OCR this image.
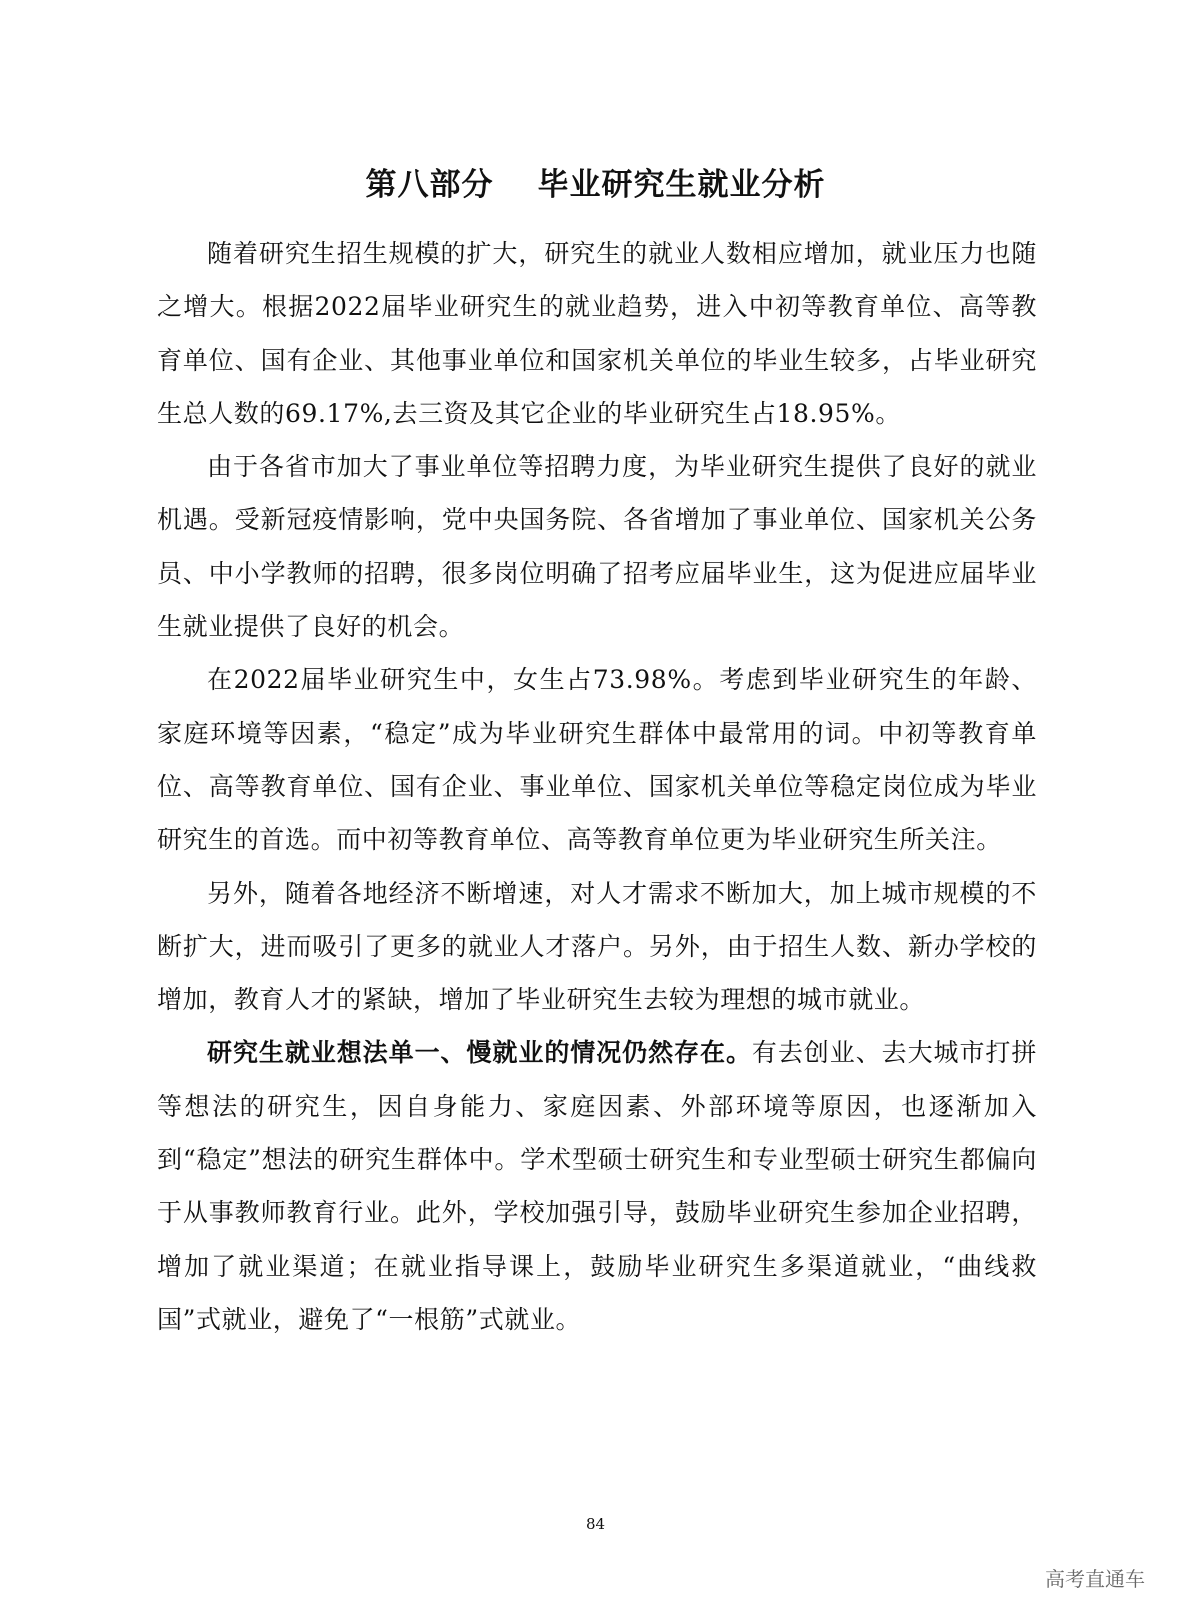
第八部分 毕业研究生就业分析

随着研究生招生规模的扩大，研究生的就业人数相应增加，就业压力也随之增大。根据2022届毕业研究生的就业趋势，进入中初等教育单位、高等教育单位、国有企业、其他事业单位和国家机关单位的毕业生较多，占毕业研究生总人数的69.17%,去三资及其它企业的毕业研究生占18.95%。

由于各省市加大了事业单位等招聘力度，为毕业研究生提供了良好的就业机遇。受新冠疫情影响，党中央国务院、各省增加了事业单位、国家机关公务员、中小学教师的招聘，很多岗位明确了招考应届毕业生，这为促进应届毕业生就业提供了良好的机会。

在2022届毕业研究生中，女生占73.98%。考虑到毕业研究生的年龄、家庭环境等因素，“稳定”成为毕业研究生群体中最常用的词。中初等教育单位、高等教育单位、国有企业、事业单位、国家机关单位等稳定岗位成为毕业研究生的首选。而中初等教育单位、高等教育单位更为毕业研究生所关注。

另外，随着各地经济不断增速，对人才需求不断加大，加上城市规模的不断扩大，进而吸引了更多的就业人才落户。另外，由于招生人数、新办学校的增加，教育人才的紧缺，增加了毕业研究生去较为理想的城市就业。

研究生就业想法单一、慢就业的情况仍然存在。有去创业、去大城市打拼等想法的研究生，因自身能力、家庭因素、外部环境等原因，也逐渐加入到“稳定”想法的研究生群体中。学术型硕士研究生和专业型硕士研究生都偏向于从事教师教育行业。此外，学校加强引导，鼓励毕业研究生参加企业招聘，增加了就业渠道；在就业指导课上，鼓励毕业研究生多渠道就业，“曲线救国”式就业，避免了“一根筋”式就业。

84
高考直通车
